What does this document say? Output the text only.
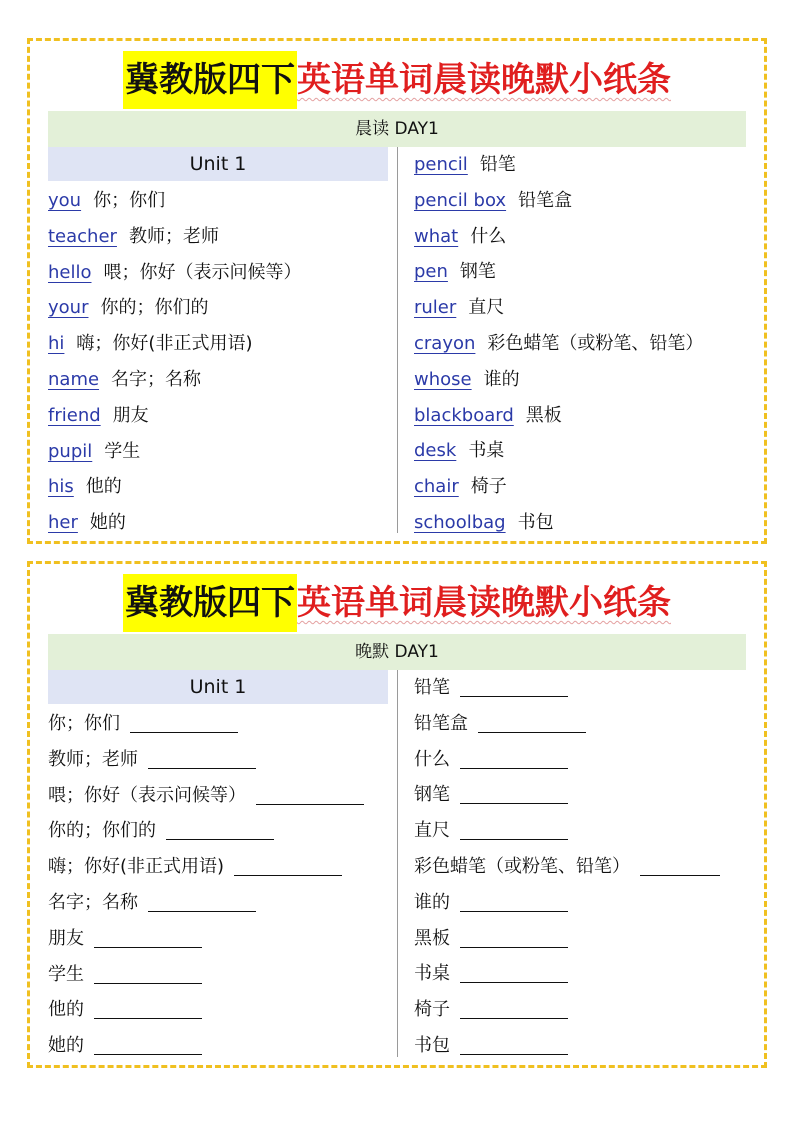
冀教版四下英语单词晨读晚默小纸条
晨读 DAY1
Unit 1
you 你；你们
teacher 教师；老师
hello 喂；你好（表示问候等）
your 你的；你们的
hi 嗨；你好(非正式用语)
name 名字；名称
friend 朋友
pupil 学生
his 他的
her 她的
pencil 铅笔
pencil box 铅笔盒
what 什么
pen 钢笔
ruler 直尺
crayon 彩色蜡笔（或粉笔、铅笔）
whose 谁的
blackboard 黑板
desk 书桌
chair 椅子
schoolbag 书包
冀教版四下英语单词晨读晚默小纸条
晚默 DAY1
Unit 1
你；你们
教师；老师
喂；你好（表示问候等）
你的；你们的
嗨；你好(非正式用语)
名字；名称
朋友
学生
他的
她的
铅笔
铅笔盒
什么
钢笔
直尺
彩色蜡笔（或粉笔、铅笔）
谁的
黑板
书桌
椅子
书包
